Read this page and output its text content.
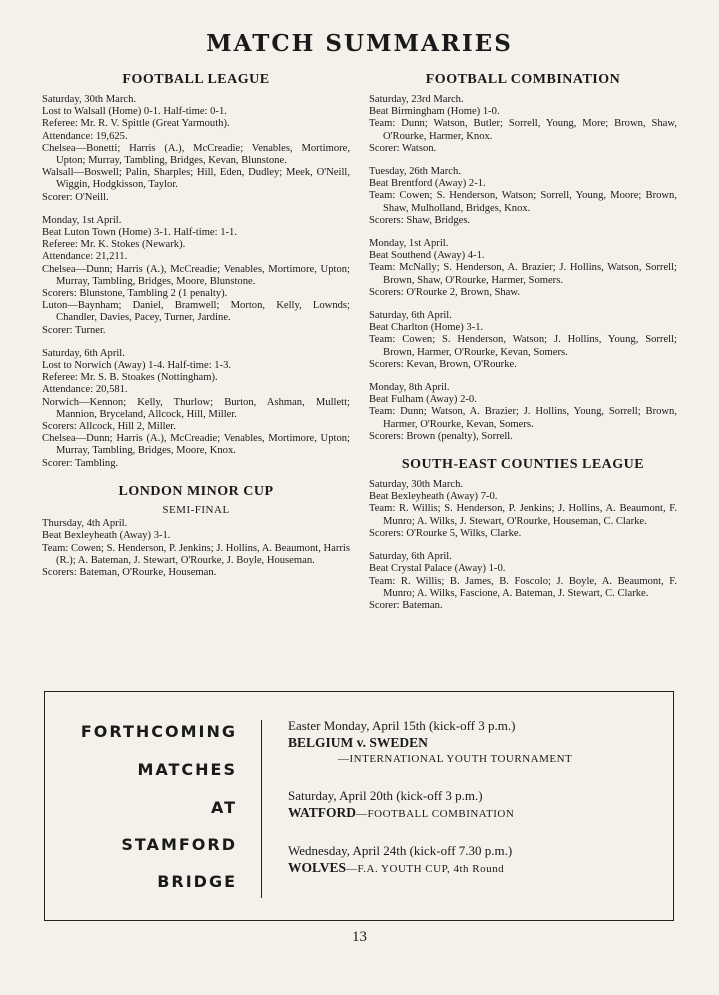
MATCH SUMMARIES
FOOTBALL LEAGUE

Saturday, 30th March.

Lost to Walsall (Home) 0-1. Half-time: 0-1.

Referee: Mr. R. V. Spittle (Great Yarmouth).

Attendance: 19,625.

Chelsea—Bonetti; Harris (A.), McCreadie; Venables, Mortimore, Upton; Murray, Tambling, Bridges, Kevan, Blunstone.

Walsall—Boswell; Palin, Sharples; Hill, Eden, Dudley; Meek, O'Neill, Wiggin, Hodgkisson, Taylor.

Scorer: O'Neill.

Monday, 1st April.

Beat Luton Town (Home) 3-1. Half-time: 1-1.

Referee: Mr. K. Stokes (Newark).

Attendance: 21,211.

Chelsea—Dunn; Harris (A.), McCreadie; Venables, Mortimore, Upton; Murray, Tambling, Bridges, Moore, Blunstone.

Scorers: Blunstone, Tambling 2 (1 penalty).

Luton—Baynham; Daniel, Bramwell; Morton, Kelly, Lownds; Chandler, Davies, Pacey, Turner, Jardine.

Scorer: Turner.

Saturday, 6th April.

Lost to Norwich (Away) 1-4. Half-time: 1-3.

Referee: Mr. S. B. Stoakes (Nottingham).

Attendance: 20,581.

Norwich—Kennon; Kelly, Thurlow; Burton, Ashman, Mullett; Mannion, Bryceland, Allcock, Hill, Miller.

Scorers: Allcock, Hill 2, Miller.

Chelsea—Dunn; Harris (A.), McCreadie; Venables, Mortimore, Upton; Murray, Tambling, Bridges, Moore, Knox.

Scorer: Tambling.

LONDON MINOR CUP
SEMI-FINAL

Thursday, 4th April.

Beat Bexleyheath (Away) 3-1.

Team: Cowen; S. Henderson, P. Jenkins; J. Hollins, A. Beaumont, Harris (R.); A. Bateman, J. Stewart, O'Rourke, J. Boyle, Houseman.

Scorers: Bateman, O'Rourke, Houseman.

FOOTBALL COMBINATION

Saturday, 23rd March.

Beat Birmingham (Home) 1-0.

Team: Dunn; Watson, Butler; Sorrell, Young, More; Brown, Shaw, O'Rourke, Harmer, Knox.

Scorer: Watson.

Tuesday, 26th March.

Beat Brentford (Away) 2-1.

Team: Cowen; S. Henderson, Watson; Sorrell, Young, Moore; Brown, Shaw, Mulholland, Bridges, Knox.

Scorers: Shaw, Bridges.

Monday, 1st April.

Beat Southend (Away) 4-1.

Team: McNally; S. Henderson, A. Brazier; J. Hollins, Watson, Sorrell; Brown, Shaw, O'Rourke, Harmer, Somers.

Scorers: O'Rourke 2, Brown, Shaw.

Saturday, 6th April.

Beat Charlton (Home) 3-1.

Team: Cowen; S. Henderson, Watson; J. Hollins, Young, Sorrell; Brown, Harmer, O'Rourke, Kevan, Somers.

Scorers: Kevan, Brown, O'Rourke.

Monday, 8th April.

Beat Fulham (Away) 2-0.

Team: Dunn; Watson, A. Brazier; J. Hollins, Young, Sorrell; Brown, Harmer, O'Rourke, Kevan, Somers.

Scorers: Brown (penalty), Sorrell.

SOUTH-EAST COUNTIES LEAGUE

Saturday, 30th March.

Beat Bexleyheath (Away) 7-0.

Team: R. Willis; S. Henderson, P. Jenkins; J. Hollins, A. Beaumont, F. Munro; A. Wilks, J. Stewart, O'Rourke, Houseman, C. Clarke.

Scorers: O'Rourke 5, Wilks, Clarke.

Saturday, 6th April.

Beat Crystal Palace (Away) 1-0.

Team: R. Willis; B. James, B. Foscolo; J. Boyle, A. Beaumont, F. Munro; A. Wilks, Fascione, A. Bateman, J. Stewart, C. Clarke.

Scorer: Bateman.

FORTHCOMING
MATCHES
AT
STAMFORD
BRIDGE
Easter Monday, April 15th (kick-off 3 p.m.)
BELGIUM v. SWEDEN
—INTERNATIONAL YOUTH TOURNAMENT
Saturday, April 20th (kick-off 3 p.m.)
WATFORD—FOOTBALL COMBINATION
Wednesday, April 24th (kick-off 7.30 p.m.)
WOLVES—F.A. YOUTH CUP, 4th Round
13
